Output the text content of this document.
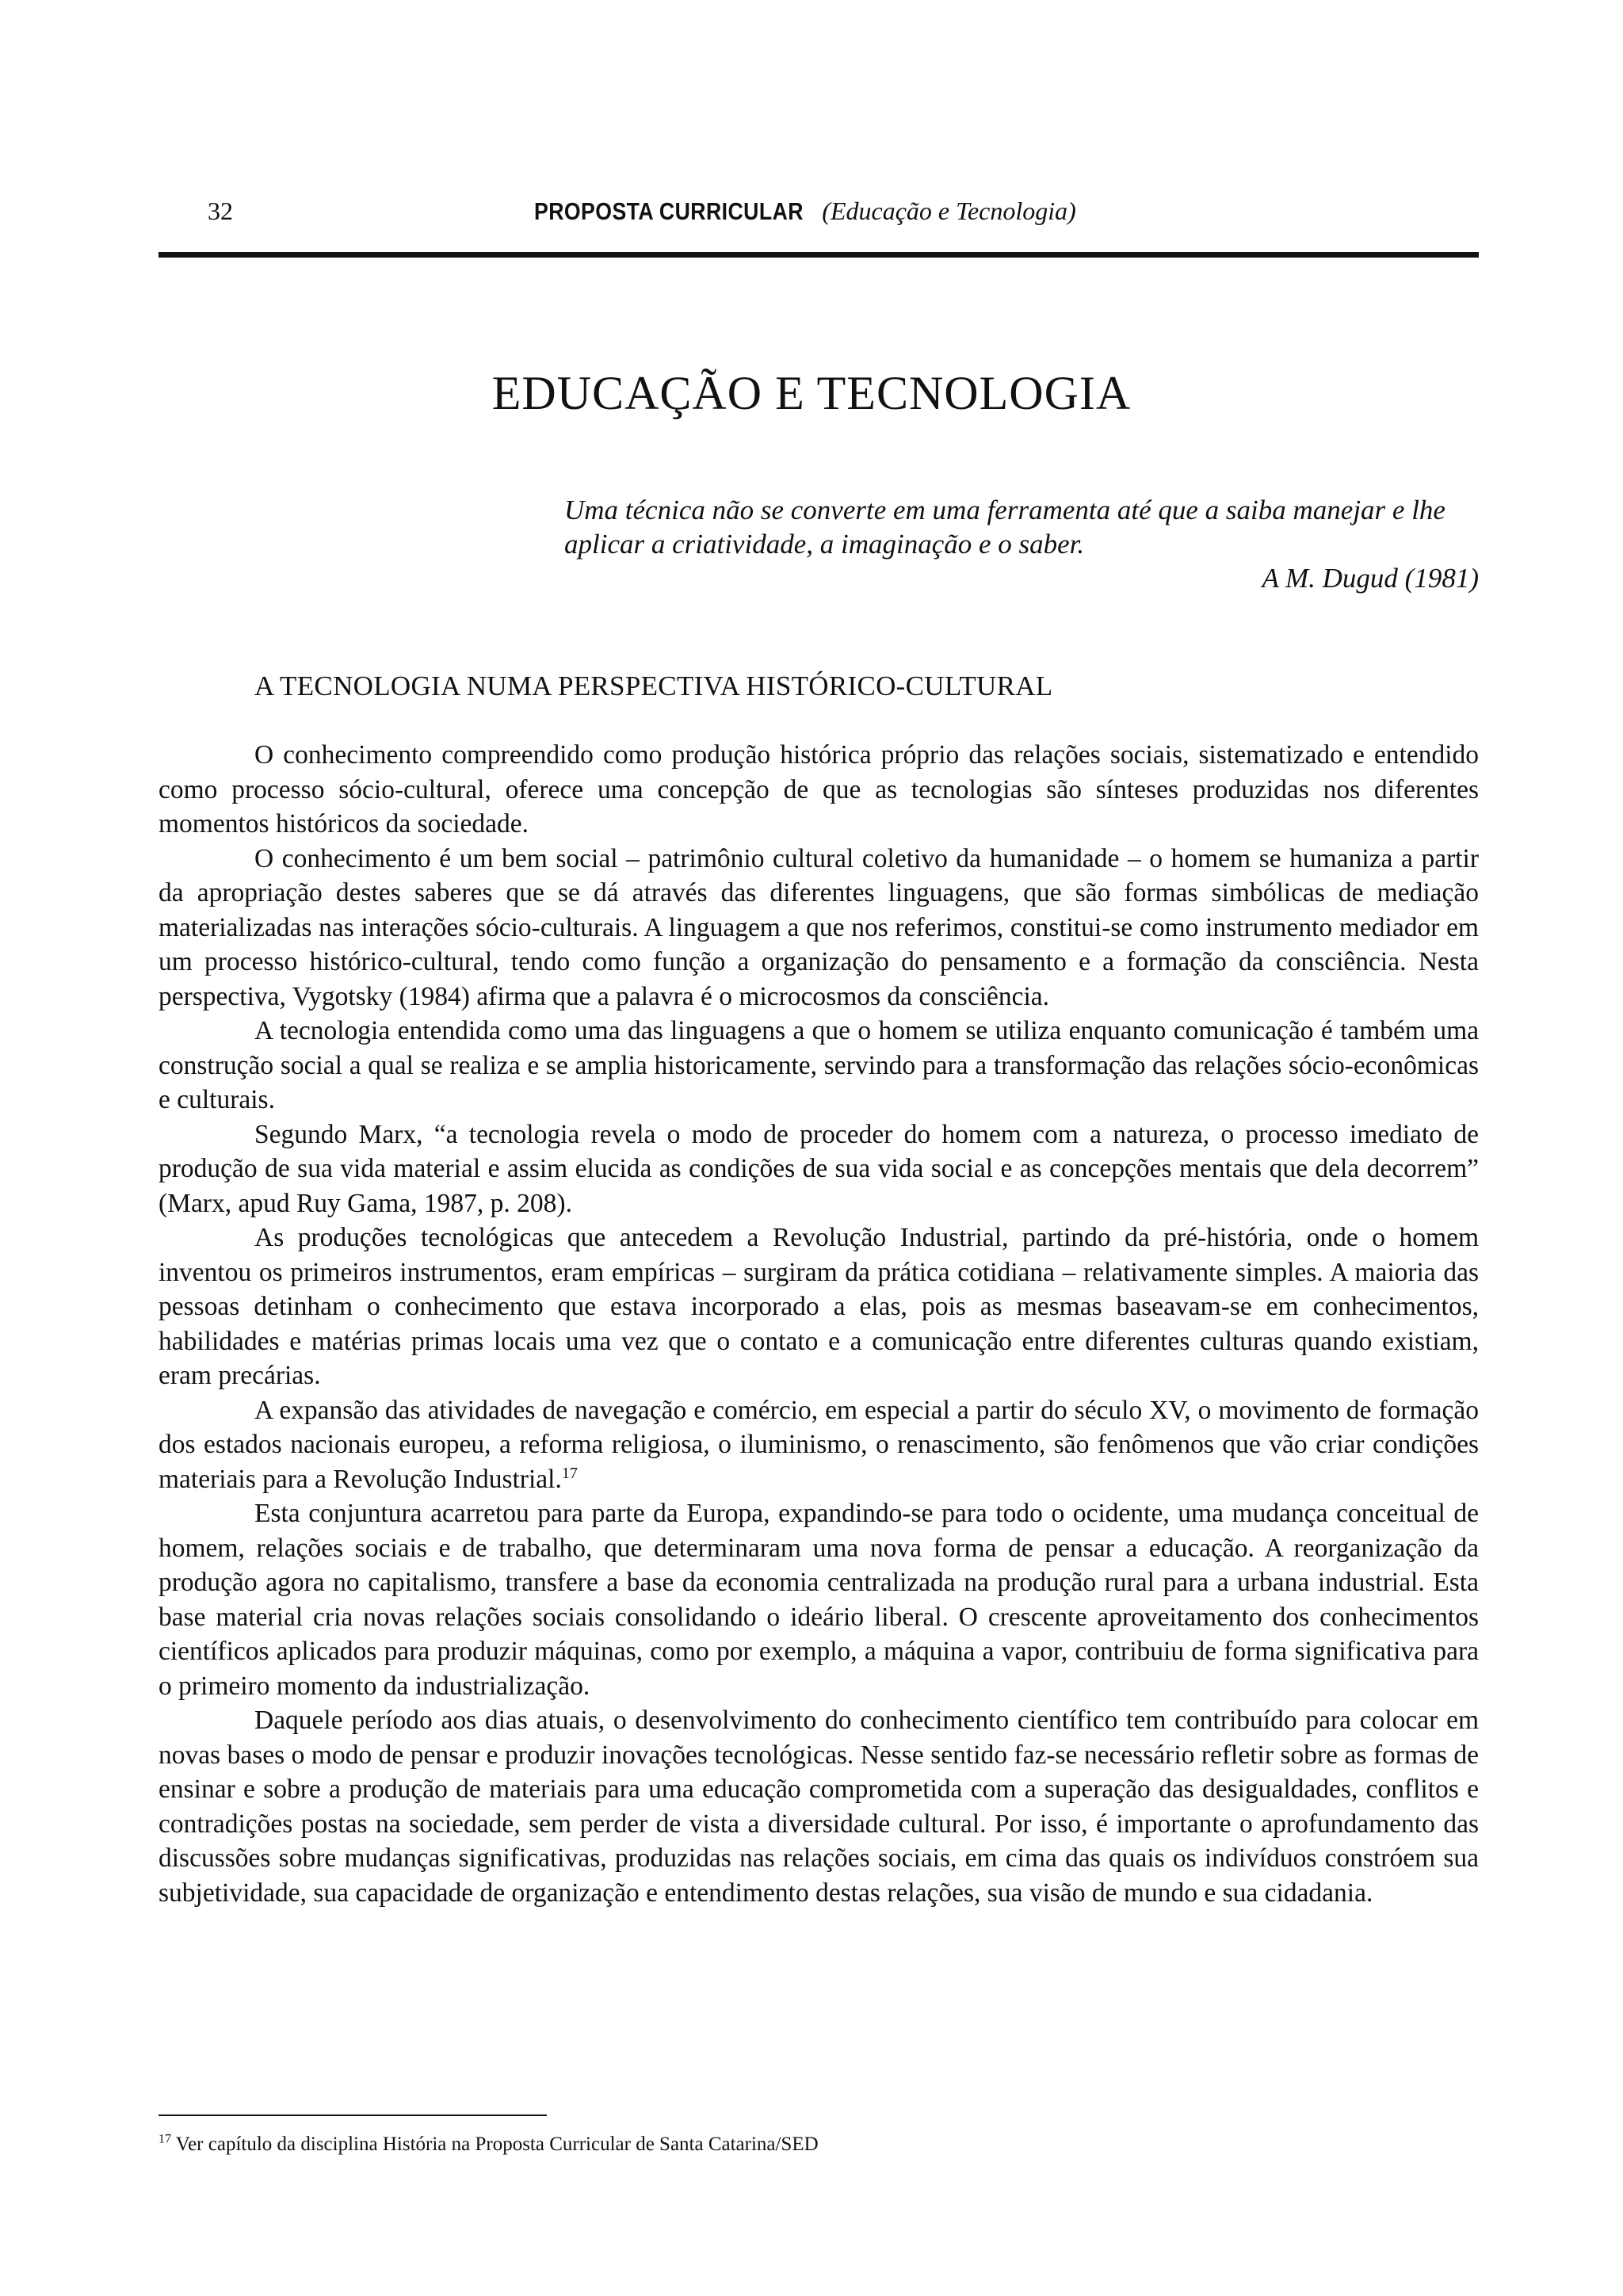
32	PROPOSTA CURRICULAR (Educação e Tecnologia)
EDUCAÇÃO E TECNOLOGIA

Uma técnica não se converte em uma ferramenta até que a saiba manejar e lhe aplicar a criatividade, a imaginação e o saber.

A M. Dugud (1981)

A TECNOLOGIA NUMA PERSPECTIVA HISTÓRICO-CULTURAL

O conhecimento compreendido como produção histórica próprio das relações sociais, sistematizado e entendido como processo sócio-cultural, oferece uma concepção de que as tecnologias são sínteses produzidas nos diferentes momentos históricos da sociedade.

O conhecimento é um bem social – patrimônio cultural coletivo da humanidade – o homem se humaniza a partir da apropriação destes saberes que se dá através das diferentes linguagens, que são formas simbólicas de mediação materializadas nas interações sócio-culturais. A linguagem a que nos referimos, constitui-se como instrumento mediador em um processo histórico-cultural, tendo como função a organização do pensamento e a formação da consciência. Nesta perspectiva, Vygotsky (1984) afirma que a palavra é o microcosmos da consciência.

A tecnologia entendida como uma das linguagens a que o homem se utiliza enquanto comunicação é também uma construção social a qual se realiza e se amplia historicamente, servindo para a transformação das relações sócio-econômicas e culturais.

Segundo Marx, “a tecnologia revela o modo de proceder do homem com a natureza, o processo imediato de produção de sua vida material e assim elucida as condições de sua vida social e as concepções mentais que dela decorrem” (Marx, apud Ruy Gama, 1987, p. 208).

As produções tecnológicas que antecedem a Revolução Industrial, partindo da pré-história, onde o homem inventou os primeiros instrumentos, eram empíricas – surgiram da prática cotidiana – relativamente simples. A maioria das pessoas detinham o conhecimento que estava incorporado a elas, pois as mesmas baseavam-se em conhecimentos, habilidades e matérias primas locais uma vez que o contato e a comunicação entre diferentes culturas quando existiam, eram precárias.

A expansão das atividades de navegação e comércio, em especial a partir do século XV, o movimento de formação dos estados nacionais europeu, a reforma religiosa, o iluminismo, o renascimento, são fenômenos que vão criar condições materiais para a Revolução Industrial.$^{17}$

Esta conjuntura acarretou para parte da Europa, expandindo-se para todo o ocidente, uma mudança conceitual de homem, relações sociais e de trabalho, que determinaram uma nova forma de pensar a educação. A reorganização da produção agora no capitalismo, transfere a base da economia centralizada na produção rural para a urbana industrial. Esta base material cria novas relações sociais consolidando o ideário liberal. O crescente aproveitamento dos conhecimentos científicos aplicados para produzir máquinas, como por exemplo, a máquina a vapor, contribuiu de forma significativa para o primeiro momento da industrialização.

Daquele período aos dias atuais, o desenvolvimento do conhecimento científico tem contribuído para colocar em novas bases o modo de pensar e produzir inovações tecnológicas. Nesse sentido faz-se necessário refletir sobre as formas de ensinar e sobre a produção de materiais para uma educação comprometida com a superação das desigualdades, conflitos e contradições postas na sociedade, sem perder de vista a diversidade cultural. Por isso, é importante o aprofundamento das discussões sobre mudanças significativas, produzidas nas relações sociais, em cima das quais os indivíduos constróem sua subjetividade, sua capacidade de organização e entendimento destas relações, sua visão de mundo e sua cidadania.

$^{17}$ Ver capítulo da disciplina História na Proposta Curricular de Santa Catarina/SED
